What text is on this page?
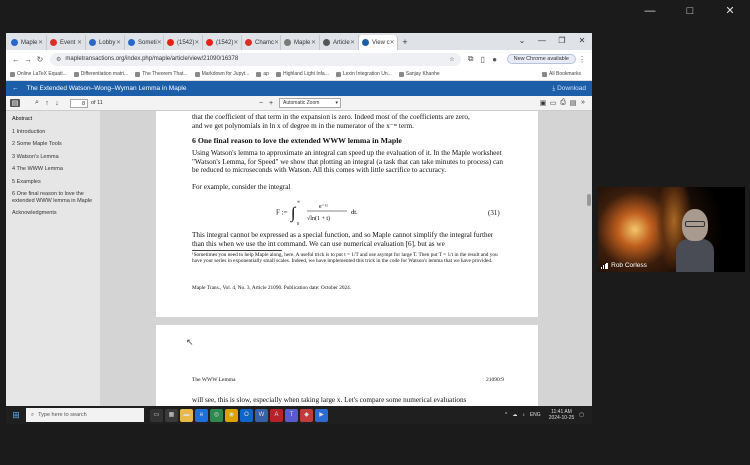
—	□	✕
Maple ✕	Event ✕	Lobby ✕	Someti ✕	(1542) ✕	(1542) ✕	Chamc ✕ Maple ✕	Article ✕	View c ✕ +	⌄	—	❐	✕
← → ↻	⚙ mapletransactions.org/index.php/maple/article/view/21090/16378	☆	⧉ ▯ ●	New Chrome available	⋮
Online LaTeX Equati...	Differentiation matri...	The Theorem That...	Markdown for Jupyt...	ap	Highland Light Infa...	Lexin Integration Un...	Sanjay Khanhe	All Bookmarks
← The Extended Watson–Wong–Wyman Lemma in Maple	⤓ Download
▤	⌕ ↑ ↓	8	of 11	− +	Automatic Zoom ▾	▣ ▭ ⎙ ▤ »
Abstract
1 Introduction
2 Some Maple Tools
3 Watson's Lemma
4 The WWW Lemma
5 Examples
6 One final reason to love the extended WWW lemma in Maple
Acknowledgments
that the coefficient of that term in the expansion is zero. Indeed most of the coefficients are zero,
and we get polynomials in ln x of degree m in the numerator of the x⁻ᵐ term.
6 One final reason to love the extended WWW lemma in Maple
Using Watson's lemma to approximate an integral can speed up the evaluation of it. In the Maple worksheet "Watson's Lemma, for Speed" we show that plotting an integral (a task that can take minutes to process) can be reduced to microseconds with Watson. All this comes with little sacrifice to accuracy.
For example, consider the integral
F := ∫
∞
0
e⁻ˣᵗ
√ln(1 + t)
dt.	(31)
This integral cannot be expressed as a special function, and so Maple cannot simplify the integral further than this when we use the int command. We can use numerical evaluation [6], but as we
¹Sometimes you need to help Maple along, here. A useful trick is to put t = 1/T and use asympt for large T. Then put T = 1/t in the result and you have your series in exponentially small scales. Indeed, we have implemented this trick in the code for Watson's lemma that we have provided.
Maple Trans., Vol. 4, No. 3, Article 21090. Publication date: October 2024.
The WWW Lemma	21090:9
will see, this is slow, especially when taking large x. Let's compare some numerical evaluations
↖
Rob Corless
⊞	⌕ Type here to search	▭	▦	▬	e	◎	◉	O	W	A	T	◆	▶	^ ☁ ♪ ENG	11:41 AM
2024-10-25 ▢
